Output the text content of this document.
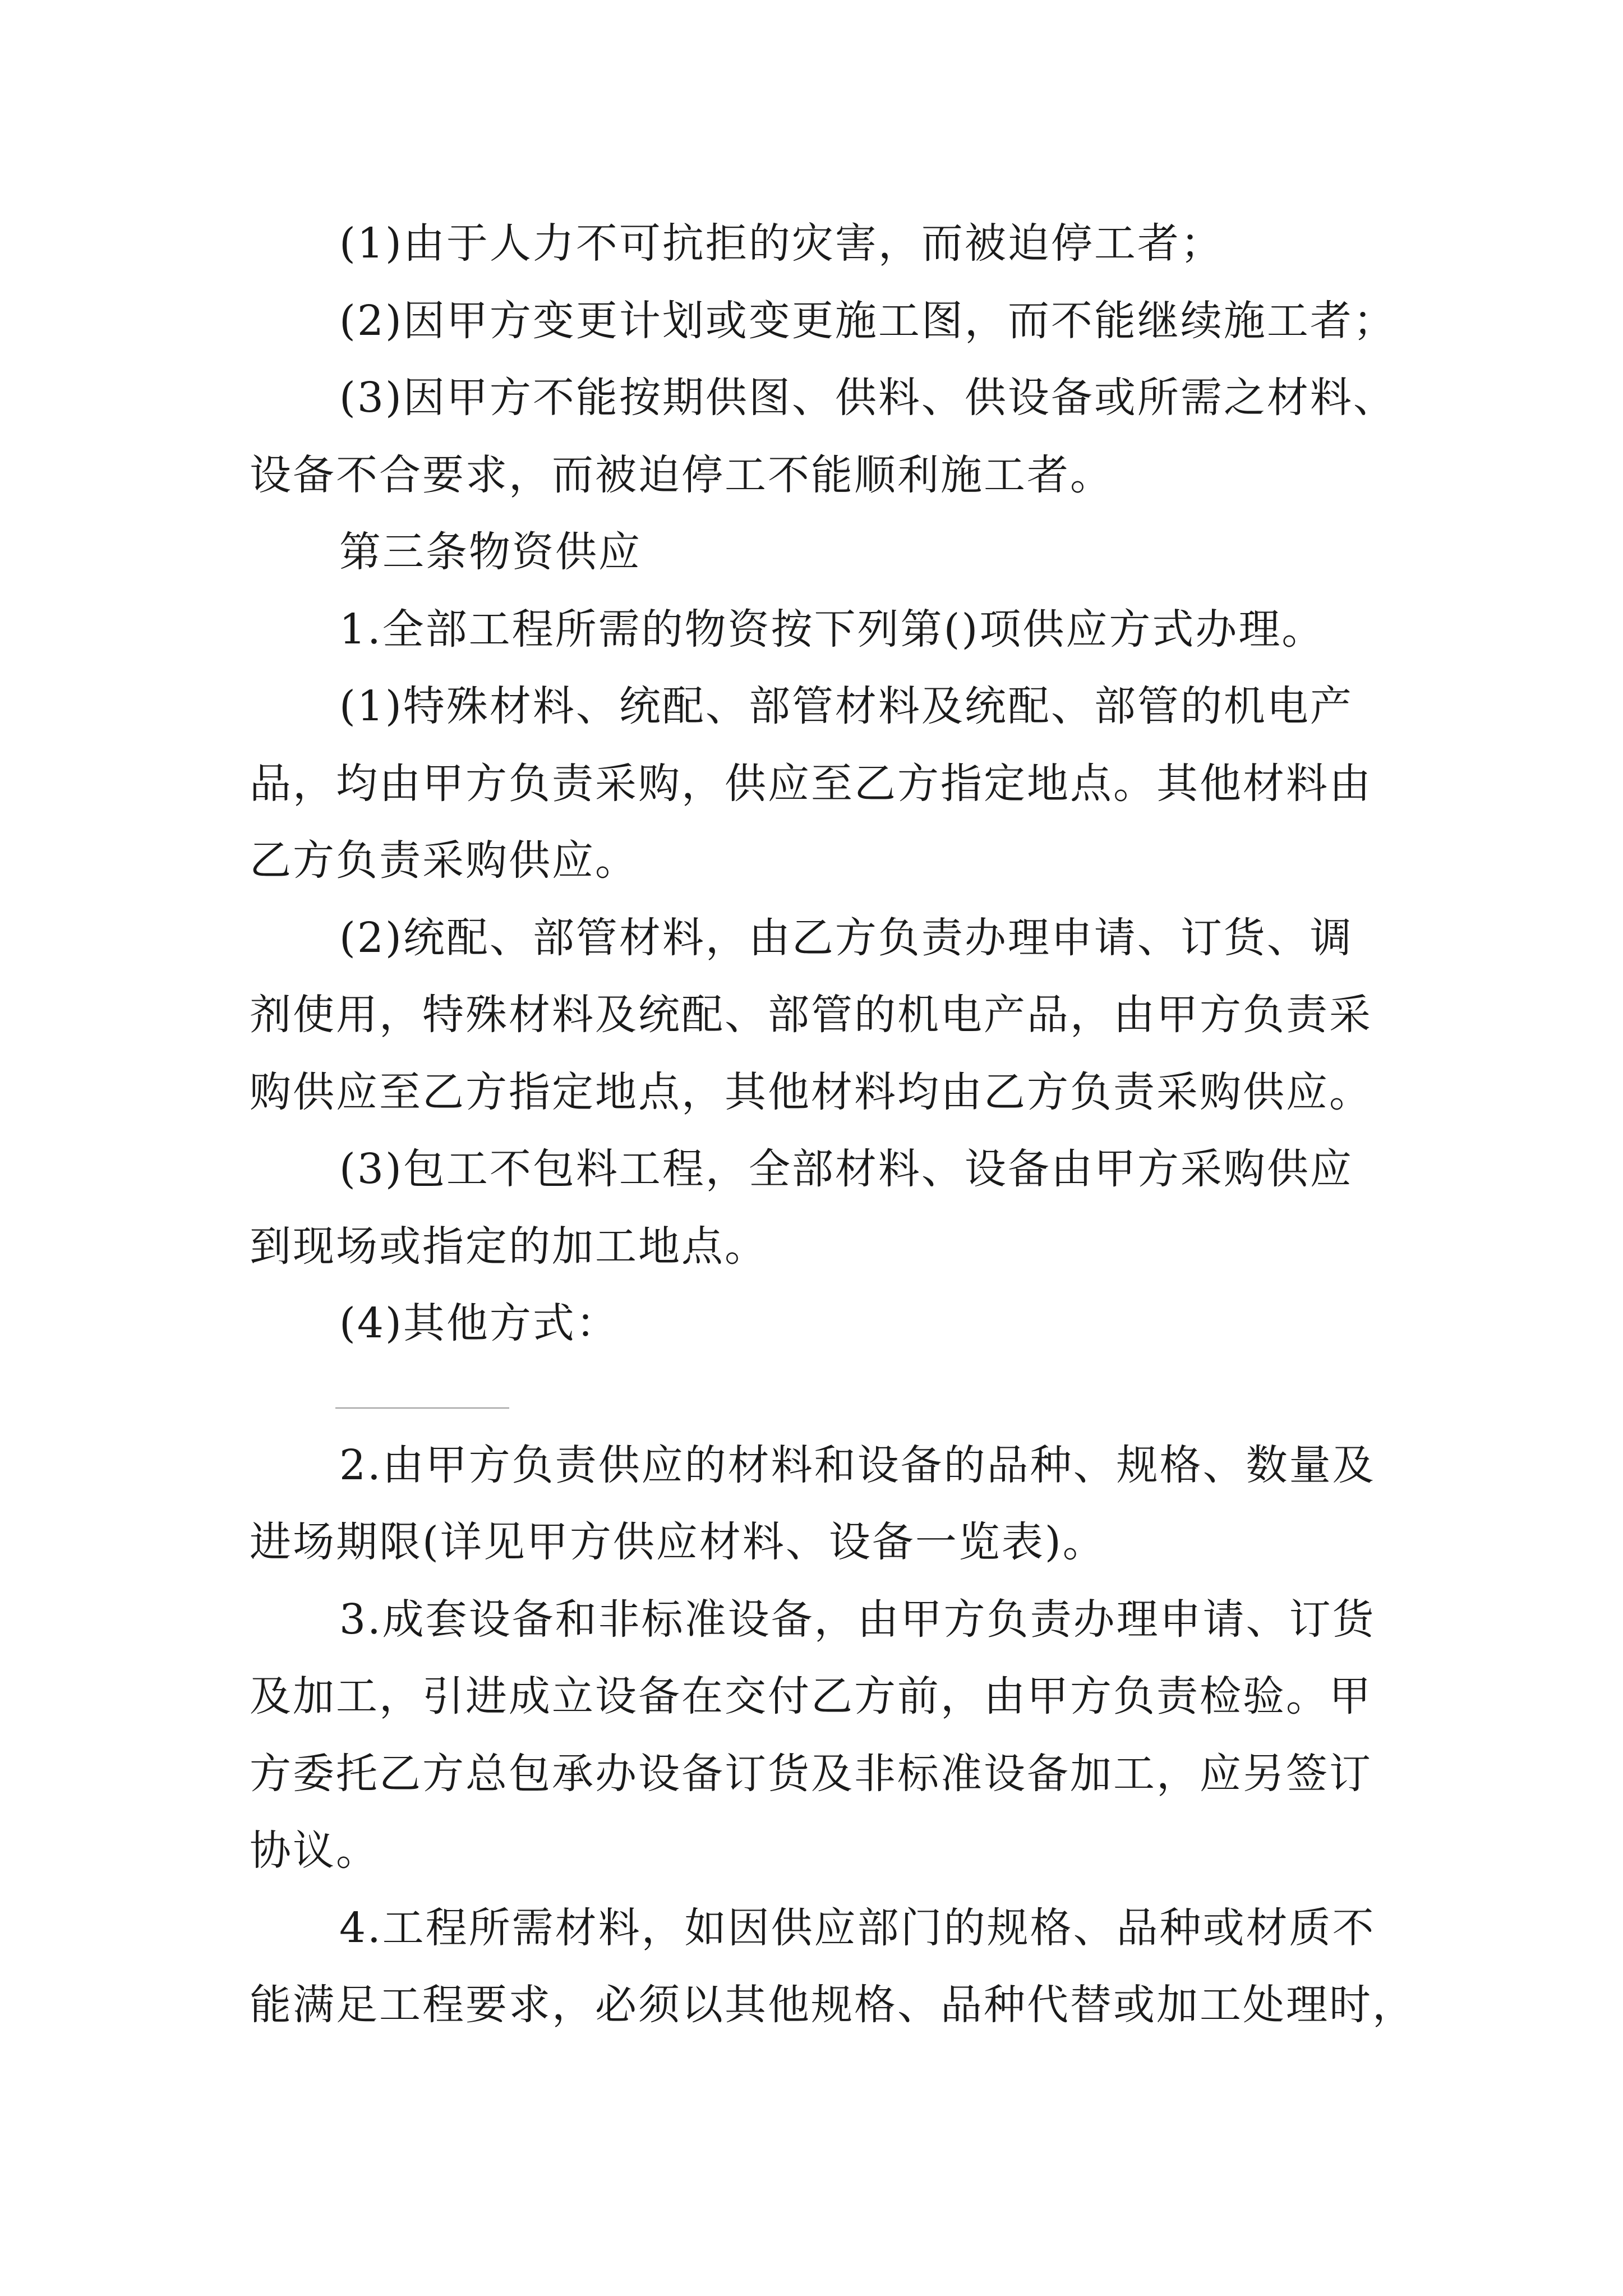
(1)由于人力不可抗拒的灾害，而被迫停工者；
(2)因甲方变更计划或变更施工图，而不能继续施工者；
(3)因甲方不能按期供图、供料、供设备或所需之材料、
设备不合要求，而被迫停工不能顺利施工者。
第三条物资供应
1.全部工程所需的物资按下列第()项供应方式办理。
(1)特殊材料、统配、部管材料及统配、部管的机电产
品，均由甲方负责采购，供应至乙方指定地点。其他材料由
乙方负责采购供应。
(2)统配、部管材料，由乙方负责办理申请、订货、调
剂使用，特殊材料及统配、部管的机电产品，由甲方负责采
购供应至乙方指定地点，其他材料均由乙方负责采购供应。
(3)包工不包料工程，全部材料、设备由甲方采购供应
到现场或指定的加工地点。
(4)其他方式：
2.由甲方负责供应的材料和设备的品种、规格、数量及
进场期限(详见甲方供应材料、设备一览表)。
3.成套设备和非标准设备，由甲方负责办理申请、订货
及加工，引进成立设备在交付乙方前，由甲方负责检验。甲
方委托乙方总包承办设备订货及非标准设备加工，应另签订
协议。
4.工程所需材料，如因供应部门的规格、品种或材质不
能满足工程要求，必须以其他规格、品种代替或加工处理时，
